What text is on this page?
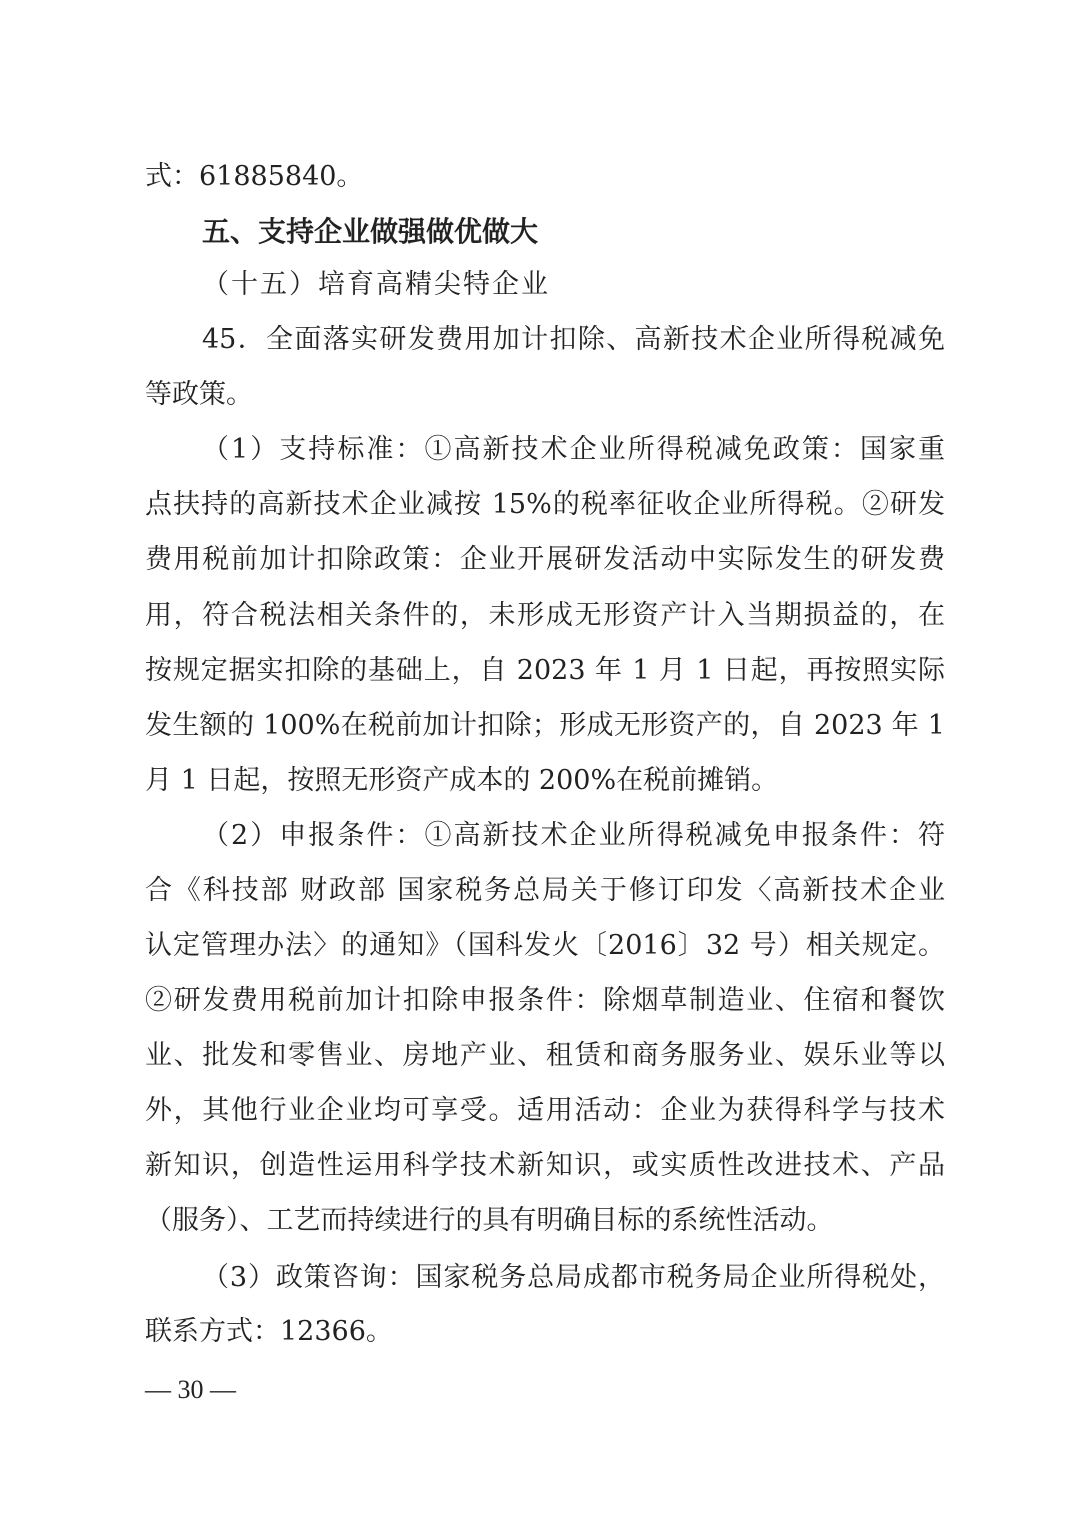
式：61885840。

五、支持企业做强做优做大

（十五）培育高精尖特企业

45．全面落实研发费用加计扣除、高新技术企业所得税减免

等政策。

（1）支持标准：①高新技术企业所得税减免政策：国家重

点扶持的高新技术企业减按 15%的税率征收企业所得税。②研发

费用税前加计扣除政策：企业开展研发活动中实际发生的研发费

用，符合税法相关条件的，未形成无形资产计入当期损益的，在

按规定据实扣除的基础上，自 2023 年 1 月 1 日起，再按照实际

发生额的 100%在税前加计扣除；形成无形资产的，自 2023 年 1

月 1 日起，按照无形资产成本的 200%在税前摊销。

（2）申报条件：①高新技术企业所得税减免申报条件：符

合《科技部 财政部 国家税务总局关于修订印发〈高新技术企业

认定管理办法〉的通知》（国科发火〔2016〕32 号）相关规定。

②研发费用税前加计扣除申报条件：除烟草制造业、住宿和餐饮

业、批发和零售业、房地产业、租赁和商务服务业、娱乐业等以

外，其他行业企业均可享受。适用活动：企业为获得科学与技术

新知识，创造性运用科学技术新知识，或实质性改进技术、产品

（服务）、工艺而持续进行的具有明确目标的系统性活动。

（3）政策咨询：国家税务总局成都市税务局企业所得税处，

联系方式：12366。

— 30 —
